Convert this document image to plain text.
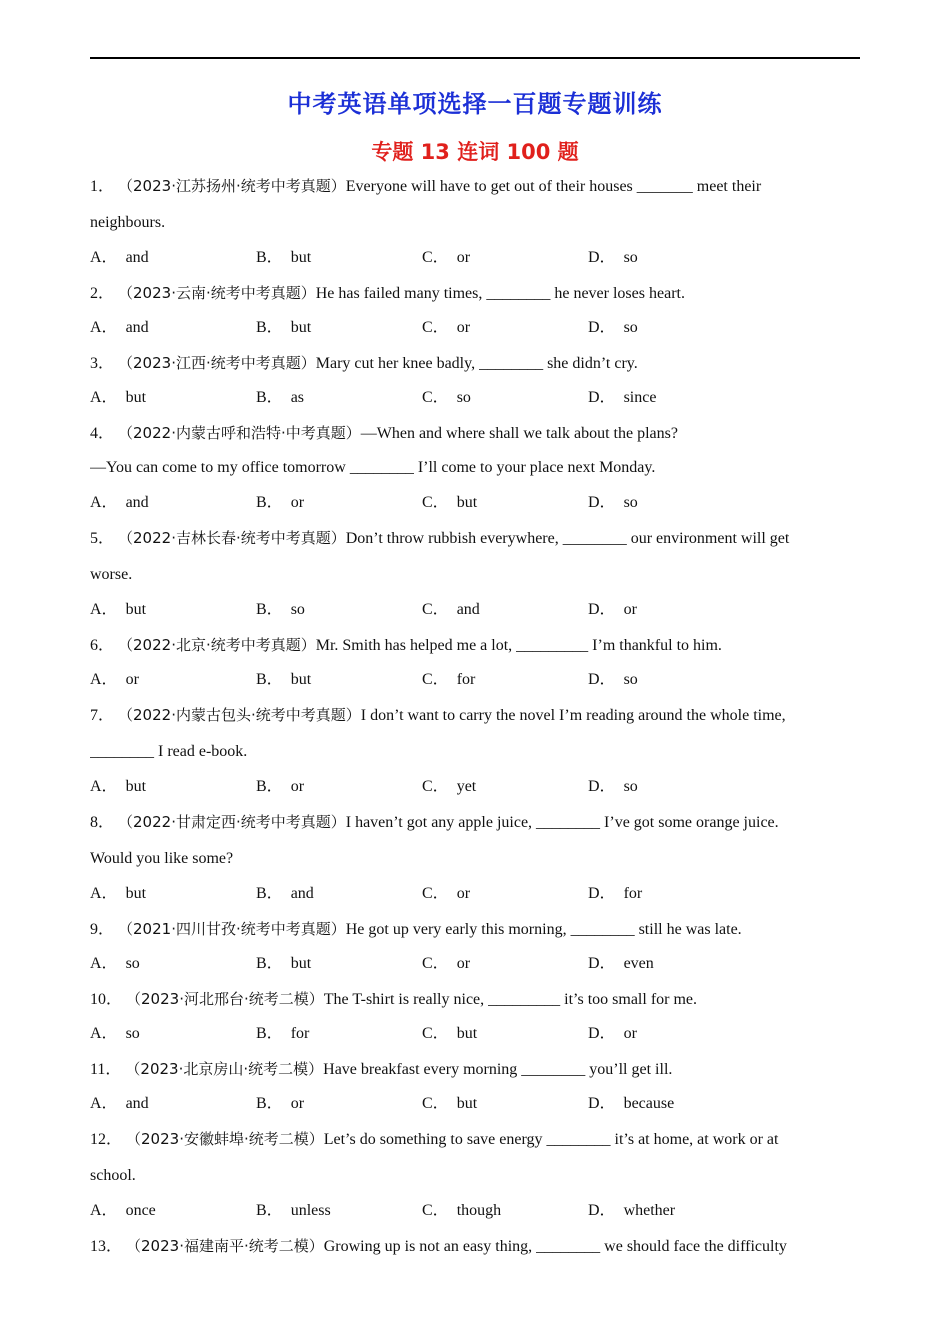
中考英语单项选择一百题专题训练
专题 13 连词 100 题
1． （2023·江苏扬州·统考中考真题）Everyone will have to get out of their houses _______ meet their
neighbours.
A． and	B． but	C． or	D． so
2． （2023·云南·统考中考真题）He has failed many times, ________ he never loses heart.
A． and	B． but	C． or	D． so
3． （2023·江西·统考中考真题）Mary cut her knee badly, ________ she didn’t cry.
A． but	B． as	C． so	D． since
4． （2022·内蒙古呼和浩特·中考真题）—When and where shall we talk about the plans?
—You can come to my office tomorrow ________ I’ll come to your place next Monday.
A． and	B． or	C． but	D． so
5． （2022·吉林长春·统考中考真题）Don’t throw rubbish everywhere, ________ our environment will get
worse.
A． but	B． so	C． and	D． or
6． （2022·北京·统考中考真题）Mr. Smith has helped me a lot, _________ I’m thankful to him.
A． or	B． but	C． for	D． so
7． （2022·内蒙古包头·统考中考真题）I don’t want to carry the novel I’m reading around the whole time,
________ I read e-book.
A． but	B． or	C． yet	D． so
8． （2022·甘肃定西·统考中考真题）I haven’t got any apple juice, ________ I’ve got some orange juice.
Would you like some?
A． but	B． and	C． or	D． for
9． （2021·四川甘孜·统考中考真题）He got up very early this morning, ________ still he was late.
A． so	B． but	C． or	D． even
10． （2023·河北邢台·统考二模）The T-shirt is really nice, _________ it’s too small for me.
A． so	B． for	C． but	D． or
11． （2023·北京房山·统考二模）Have breakfast every morning ________ you’ll get ill.
A． and	B． or	C． but	D． because
12． （2023·安徽蚌埠·统考二模）Let’s do something to save energy ________ it’s at home, at work or at
school.
A． once	B． unless	C． though	D． whether
13． （2023·福建南平·统考二模）Growing up is not an easy thing, ________ we should face the difficulty
